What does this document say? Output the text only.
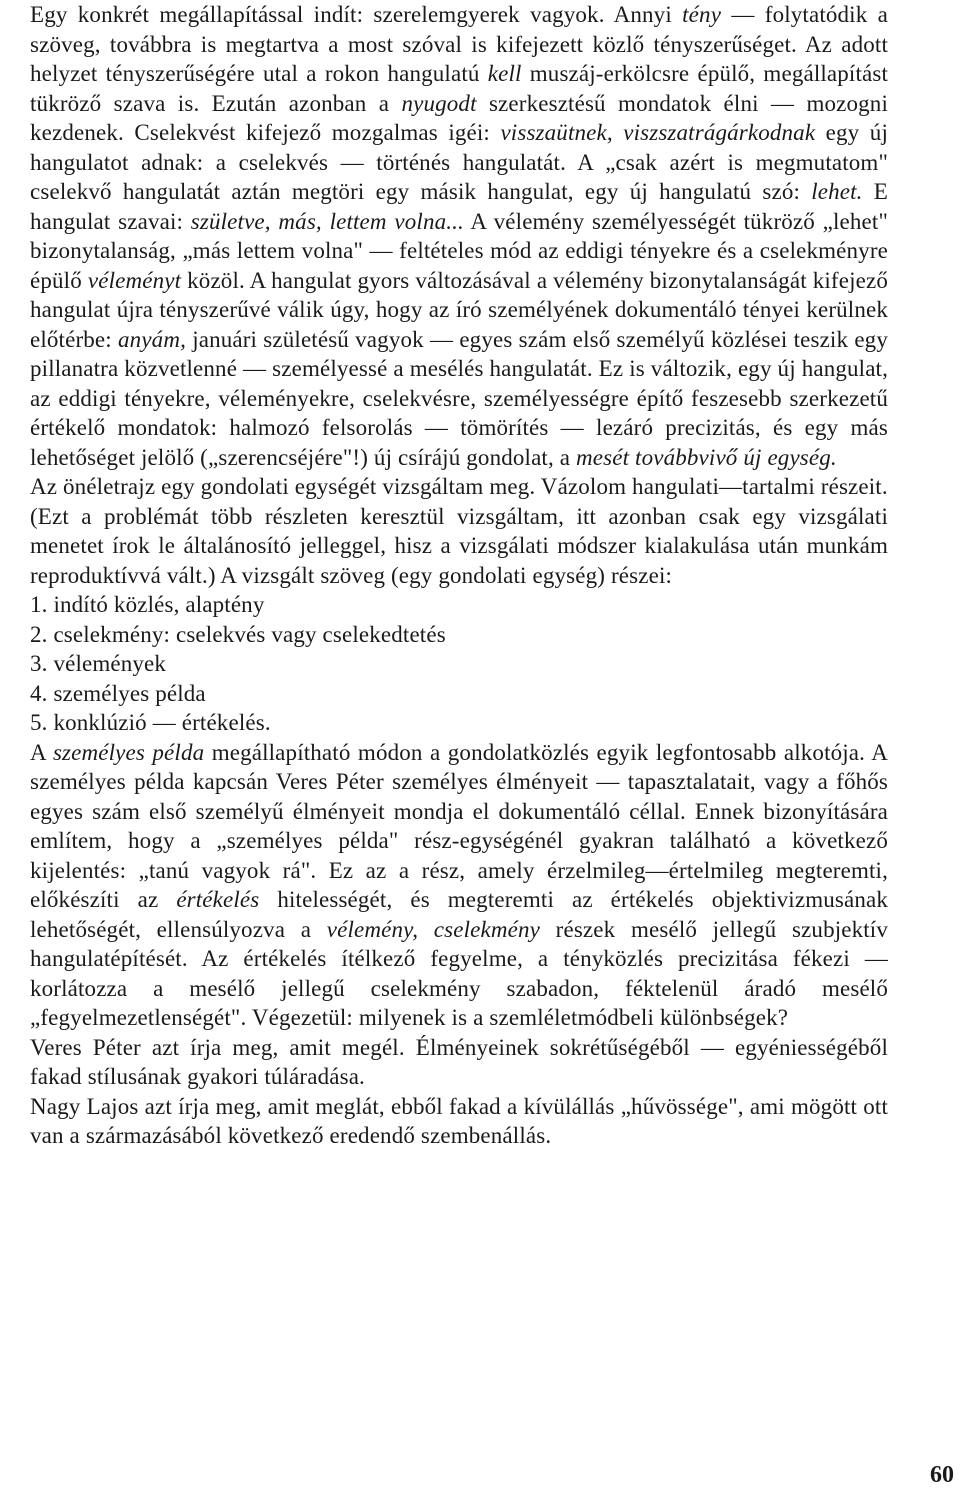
Egy konkrét megállapítással indít: szerelemgyerek vagyok. Annyi tény — folytatódik a szöveg, továbbra is megtartva a most szóval is kifejezett közlő tényszerűséget. Az adott helyzet tényszerűségére utal a rokon hangulatú kell muszáj-erkölcsre épülő, megállapítást tükröző szava is. Ezután azonban a nyugodt szerkesztésű mondatok élni — mozogni kezdenek. Cselekvést kifejező mozgalmas igéi: visszaütnek, viszszatrágárkodnak egy új hangulatot adnak: a cselekvés — történés hangulatát. A „csak azért is megmutatom" cselekvő hangulatát aztán megtöri egy másik hangulat, egy új hangulatú szó: lehet. E hangulat szavai: születve, más, lettem volna... A vélemény személyességét tükröző „lehet" bizonytalanság, „más lettem volna" — feltételes mód az eddigi tényekre és a cselekményre épülő véleményt közöl. A hangulat gyors változásával a vélemény bizonytalanságát kifejező hangulat újra tényszerűvé válik úgy, hogy az író személyének dokumentáló tényei kerülnek előtérbe: anyám, januári születésű vagyok — egyes szám első személyű közlései teszik egy pillanatra közvetlenné — személyessé a mesélés hangulatát. Ez is változik, egy új hangulat, az eddigi tényekre, véleményekre, cselekvésre, személyességre építő feszesebb szerkezetű értékelő mondatok: halmozó felsorolás — tömörítés — lezáró precizitás, és egy más lehetőséget jelölő („szerencséjére"!) új csírájú gondolat, a mesét továbbvivő új egység.

Az önéletrajz egy gondolati egységét vizsgáltam meg. Vázolom hangulati—tartalmi részeit.

(Ezt a problémát több részleten keresztül vizsgáltam, itt azonban csak egy vizsgálati menetet írok le általánosító jelleggel, hisz a vizsgálati módszer kialakulása után munkám reproduktívvá vált.) A vizsgált szöveg (egy gondolati egység) részei:

1. indító közlés, alaptény
2. cselekmény: cselekvés vagy cselekedtetés
3. vélemények
4. személyes példa
5. konklúzió — értékelés.

A személyes példa megállapítható módon a gondolatközlés egyik legfontosabb alkotója. A személyes példa kapcsán Veres Péter személyes élményeit — tapasztalatait, vagy a főhős egyes szám első személyű élményeit mondja el dokumentáló céllal. Ennek bizonyítására említem, hogy a „személyes példa" rész-egységénél gyakran található a következő kijelentés: „tanú vagyok rá". Ez az a rész, amely érzelmileg—értelmileg megteremti, előkészíti az értékelés hitelességét, és megteremti az értékelés objektivizmusának lehetőségét, ellensúlyozva a vélemény, cselekmény részek mesélő jellegű szubjektív hangulatépítését. Az értékelés ítélkező fegyelme, a tényközlés precizitása fékezi — korlátozza a mesélő jellegű cselekmény szabadon, féktelenül áradó mesélő „fegyelmezetlenségét". Végezetül: milyenek is a szemléletmódbeli különbségek?

Veres Péter azt írja meg, amit megél. Élményeinek sokrétűségéből — egyéniességéből fakad stílusának gyakori túláradása.

Nagy Lajos azt írja meg, amit meglát, ebből fakad a kívülállás „hűvössége", ami mögött ott van a származásából következő eredendő szembenállás.

60
